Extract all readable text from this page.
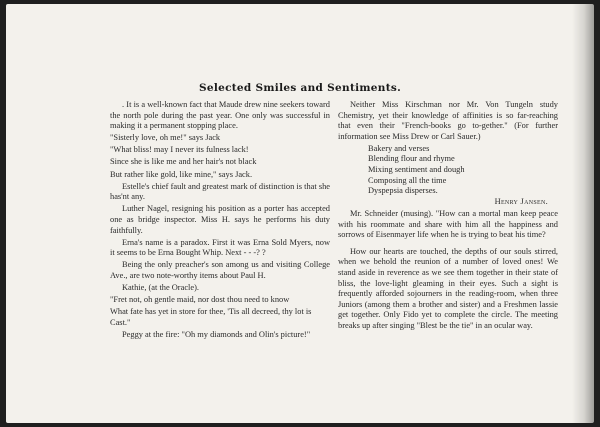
Selected Smiles and Sentiments.

. It is a well-known fact that Maude drew nine seekers toward the north pole during the past year. One only was successful in making it a permanent stopping place.

"Sisterly love, oh me!" says Jack

"What bliss! may I never its fulness lack!

Since she is like me and her hair's not black

But rather like gold, like mine," says Jack.

Estelle's chief fault and greatest mark of distinction is that she has'nt any.

Luther Nagel, resigning his position as a porter has accepted one as bridge inspector. Miss H. says he performs his duty faithfully.

Erna's name is a paradox. First it was Erna Sold Myers, now it seems to be Erna Bought Whip. Next - - -? ?

Being the only preacher's son among us and visiting College Ave., are two note-worthy items about Paul H.

Kathie, (at the Oracle).

"Fret not, oh gentle maid, nor dost thou need to know

What fate has yet in store for thee, 'Tis all decreed, thy lot is Cast."

Peggy at the fire: "Oh my diamonds and Olin's picture!"

Neither Miss Kirschman nor Mr. Von Tungeln study Chemistry, yet their knowledge of affinities is so far-reaching that even their "French-books go to-gether." (For further information see Miss Drew or Carl Sauer.)

Bakery and verses

Blending flour and rhyme

Mixing sentiment and dough

Composing all the time

Dyspepsia disperses.

Henry Jansen.

Mr. Schneider (musing). "How can a mortal man keep peace with his roommate and share with him all the happiness and sorrows of Eisenmayer life when he is trying to beat his time?

How our hearts are touched, the depths of our souls stirred, when we behold the reunion of a number of loved ones! We stand aside in reverence as we see them together in their state of bliss, the love-light gleaming in their eyes. Such a sight is frequently afforded sojourners in the reading-room, when three Juniors (among them a brother and sister) and a Freshmen lassie get together. Only Fido yet to complete the circle. The meeting breaks up after singing "Blest be the tie" in an ocular way.
